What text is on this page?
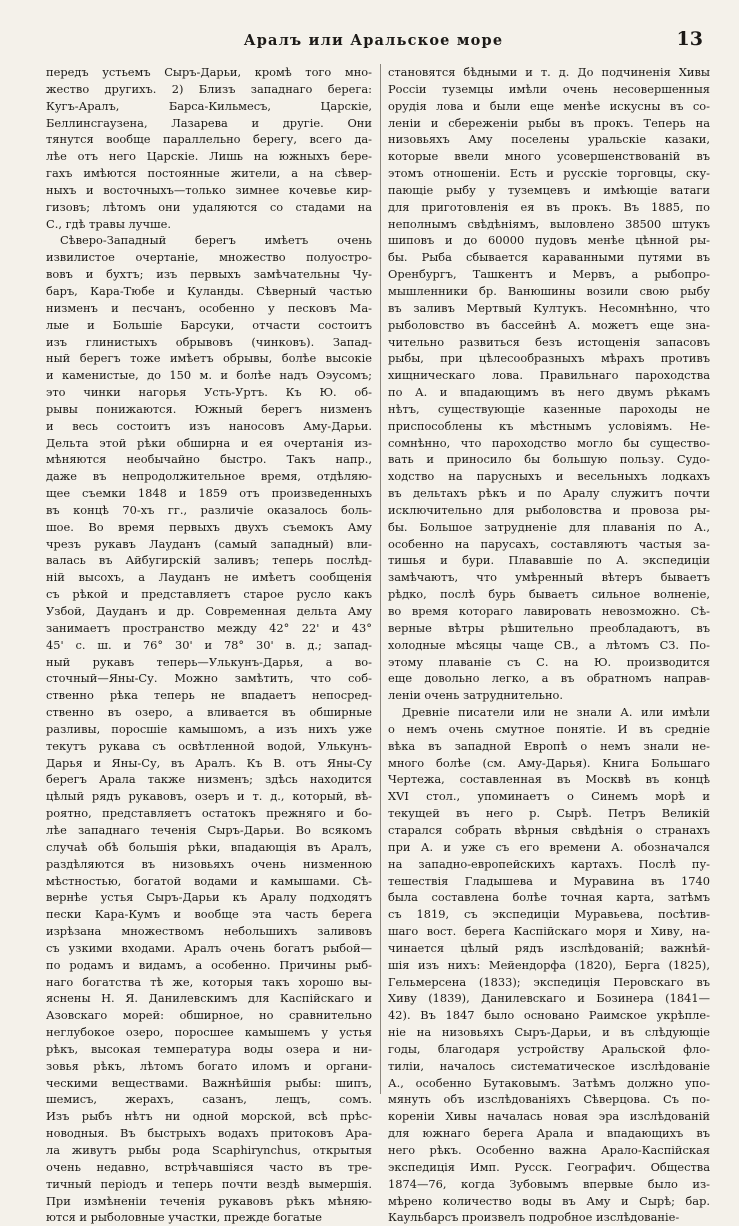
Аралъ или Аральское море	13
передъ устьемъ Сыръ-Дарьи, кромѣ того мно-
жество другихъ. 2) Близъ западнаго берега:
Кугъ-Аралъ, Барса-Кильмесъ, Царскіе,
Беллинсгаузена, Лазарева и другіе. Они
тянутся вообще параллельно берегу, всего да-
лѣе отъ него Царскіе. Лишь на южныхъ бере-
гахъ имѣются постоянные жители, а на сѣвер-
ныхъ и восточныхъ—только зимнее кочевье кир-
гизовъ; лѣтомъ они удаляются со стадами на
С., гдѣ травы лучше.
Сѣверо-Западный берегъ имѣетъ очень
извилистое очертаніе, множество полуостро-
вовъ и бухтъ; изъ первыхъ замѣчательны Чу-
баръ, Кара-Тюбе и Куланды. Сѣверный частью
низменъ и песчанъ, особенно у песковъ Ма-
лые и Большіе Барсуки, отчасти состоитъ
изъ глинистыхъ обрывовъ (чинковъ). Запад-
ный берегъ тоже имѣетъ обрывы, болѣе высокіе
и каменистые, до 150 м. и болѣе надъ Оэусомъ;
это чинки нагорья Усть-Уртъ. Къ Ю. об-
рывы понижаются. Южный берегъ низменъ
и весь состоитъ изъ наносовъ Аму-Дарьи.
Дельта этой рѣки обширна и ея очертанія из-
мѣняются необычайно быстро. Такъ напр.,
даже въ непродолжительное время, отдѣляю-
щее съемки 1848 и 1859 отъ произведенныхъ
въ концѣ 70-хъ гг., различіе оказалось боль-
шое. Во время первыхъ двухъ съемокъ Аму
чрезъ рукавъ Лауданъ (самый западный) вли-
валась въ Айбугирскій заливъ; теперь послѣд-
ній высохъ, а Лауданъ не имѣетъ сообщенія
съ рѣкой и представляетъ старое русло какъ
Узбой, Дауданъ и др. Современная дельта Аму
занимаетъ пространство между 42° 22' и 43°
45' с. ш. и 76° 30' и 78° 30' в. д.; запад-
ный рукавъ теперь—Улькунъ-Дарья, а во-
сточный—Яны-Су. Можно замѣтить, что соб-
ственно рѣка теперь не впадаетъ непосред-
ственно въ озеро, а вливается въ обширные
разливы, поросшіе камышомъ, а изъ нихъ уже
текутъ рукава съ освѣтленной водой, Улькунъ-
Дарья и Яны-Су, въ Аралъ. Къ В. отъ Яны-Су
берегъ Арала также низменъ; здѣсь находится
цѣлый рядъ рукавовъ, озеръ и т. д., который, вѣ-
роятно, представляетъ остатокъ прежняго и бо-
лѣе западнаго теченія Сыръ-Дарьи. Во всякомъ
случаѣ обѣ большія рѣки, впадающія въ Аралъ,
раздѣляются въ низовьяхъ очень низменною
мѣстностью, богатой водами и камышами. Сѣ-
вернѣе устья Сыръ-Дарьи къ Аралу подходятъ
пески Кара-Кумъ и вообще эта часть берега
изрѣзана множествомъ небольшихъ заливовъ
съ узкими входами. Аралъ очень богатъ рыбой—
по родамъ и видамъ, а особенно. Причины рыб-
наго богатства тѣ же, которыя такъ хорошо вы-
яснены Н. Я. Данилевскимъ для Каспійскаго и
Азовскаго морей: обширное, но сравнительно
неглубокое озеро, поросшее камышемъ у устья
рѣкъ, высокая температура воды озера и ни-
зовья рѣкъ, лѣтомъ богато иломъ и органи-
ческими веществами. Важнѣйшія рыбы: шипъ,
шемисъ, жерахъ, сазанъ, лещъ, сомъ.
Изъ рыбъ нѣтъ ни одной морской, всѣ прѣс-
новодныя. Въ быстрыхъ водахъ притоковъ Ара-
ла живутъ рыбы рода Scaphirynchus, открытыя
очень недавно, встрѣчавшіяся часто въ тре-
тичный періодъ и теперь почти вездѣ вымершія.
При измѣненіи теченія рукавовъ рѣкъ мѣняю-
ются и рыболовные участки, прежде богатые
становятся бѣдными и т. д. До подчиненія Хивы
Россіи туземцы имѣли очень несовершенныя
орудія лова и были еще менѣе искусны въ со-
леніи и сбереженіи рыбы въ прокъ. Теперь на
низовьяхъ Аму поселены уральскіе казаки,
которые ввели много усовершенствованій въ
этомъ отношеніи. Есть и русскіе торговцы, ску-
пающіе рыбу у туземцевъ и имѣющіе ватаги
для приготовленія ея въ прокъ. Въ 1885, по
неполнымъ свѣдѣніямъ, выловлено 38500 штукъ
шиповъ и до 60000 пудовъ менѣе цѣнной ры-
бы. Рыба сбывается караванными путями въ
Оренбургъ, Ташкентъ и Мервъ, а рыбопро-
мышленники бр. Ванюшины возили свою рыбу
въ заливъ Мертвый Култукъ. Несомнѣнно, что
рыболовство въ бассейнѣ А. можетъ еще зна-
чительно развиться безъ истощенія запасовъ
рыбы, при цѣлесообразныхъ мѣрахъ противъ
хищническаго лова. Правильнаго пароходства
по А. и впадающимъ въ него двумъ рѣкамъ
нѣтъ, существующіе казенные пароходы не
приспособлены къ мѣстнымъ условіямъ. Не-
сомнѣнно, что пароходство могло бы существо-
вать и приносило бы большую пользу. Судо-
ходство на парусныхъ и весельныхъ лодкахъ
въ дельтахъ рѣкъ и по Аралу служитъ почти
исключительно для рыболовства и провоза ры-
бы. Большое затрудненіе для плаванія по А.,
особенно на парусахъ, составляютъ частыя за-
тишья и бури. Плававшіе по А. экспедиціи
замѣчаютъ, что умѣренный вѣтеръ бываетъ
рѣдко, послѣ бурь бываетъ сильное волненіе,
во время котораго лавировать невозможно. Сѣ-
верные вѣтры рѣшительно преобладаютъ, въ
холодные мѣсяцы чаще СВ., а лѣтомъ СЗ. По-
этому плаваніе съ С. на Ю. производится
еще довольно легко, а въ обратномъ направ-
леніи очень затруднительно.
Древніе писатели или не знали А. или имѣли
о немъ очень смутное понятіе. И въ средніе
вѣка въ западной Европѣ о немъ знали не-
много болѣе (см. Аму-Дарья). Книга Большаго
Чертежа, составленная въ Москвѣ въ концѣ
XVI стол., упоминаетъ о Синемъ морѣ и
текущей въ него р. Сырѣ. Петръ Великій
старался собрать вѣрныя свѣдѣнія о странахъ
при А. и уже съ его времени А. обозначался
на западно-европейскихъ картахъ. Послѣ пу-
тешествія Гладышева и Муравина въ 1740
была составлена болѣе точная карта, затѣмъ
съ 1819, съ экспедиціи Муравьева, посѣтив-
шаго вост. берега Каспійскаго моря и Хиву, на-
чинается цѣлый рядъ изслѣдованій; важнѣй-
шія изъ нихъ: Мейендорфа (1820), Берга (1825),
Гельмерсена (1833); экспедиція Перовскаго въ
Хиву (1839), Данилевскаго и Бозинера (1841—
42). Въ 1847 было основано Раимское укрѣпле-
ніе на низовьяхъ Сыръ-Дарьи, и въ слѣдующіе
годы, благодаря устройству Аральской фло-
тиліи, началось систематическое изслѣдованіе
А., особенно Бутаковымъ. Затѣмъ должно упо-
мянуть объ изслѣдованіяхъ Сѣверцова. Съ по-
кореніи Хивы началась новая эра изслѣдованій
для южнаго берега Арала и впадающихъ въ
него рѣкъ. Особенно важна Арало-Каспійская
экспедиція Имп. Русск. Географич. Общества
1874—76, когда Зубовымъ впервые было из-
мѣрено количество воды въ Аму и Сырѣ; бар.
Каульбарсъ произвелъ подробное изслѣдованіе-
